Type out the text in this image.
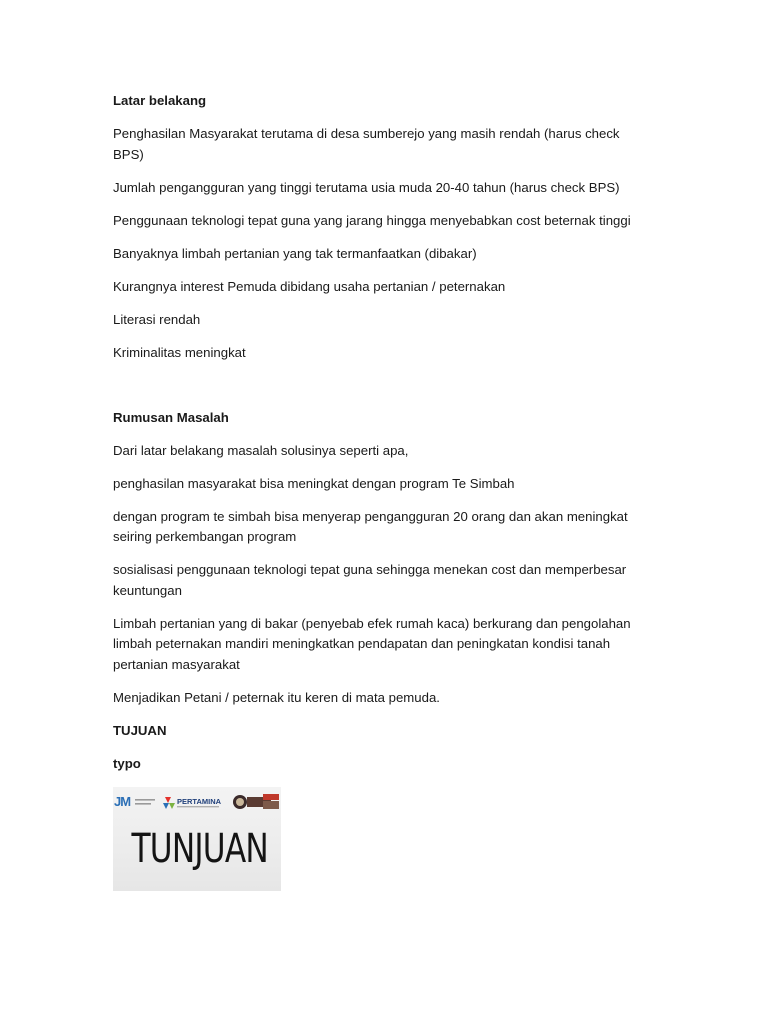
Latar belakang

Penghasilan Masyarakat terutama di desa sumberejo yang masih rendah (harus check BPS)

Jumlah pengangguran yang tinggi terutama usia muda 20-40 tahun (harus check BPS)

Penggunaan teknologi tepat guna yang jarang hingga menyebabkan cost beternak tinggi

Banyaknya limbah pertanian yang tak termanfaatkan (dibakar)

Kurangnya interest Pemuda dibidang usaha pertanian / peternakan

Literasi rendah

Kriminalitas meningkat

Rumusan Masalah

Dari latar belakang masalah solusinya seperti apa,

penghasilan masyarakat bisa meningkat dengan program Te Simbah

dengan program te simbah bisa menyerap pengangguran 20 orang dan akan meningkat seiring perkembangan program

sosialisasi penggunaan teknologi tepat guna sehingga menekan cost dan memperbesar keuntungan

Limbah pertanian yang di bakar (penyebab efek rumah kaca) berkurang dan pengolahan limbah peternakan mandiri meningkatkan pendapatan dan peningkatan kondisi tanah pertanian masyarakat

Menjadikan Petani / peternak itu keren di mata pemuda.

TUJUAN

typo

JM	PERTAMINA
TUNJUAN
